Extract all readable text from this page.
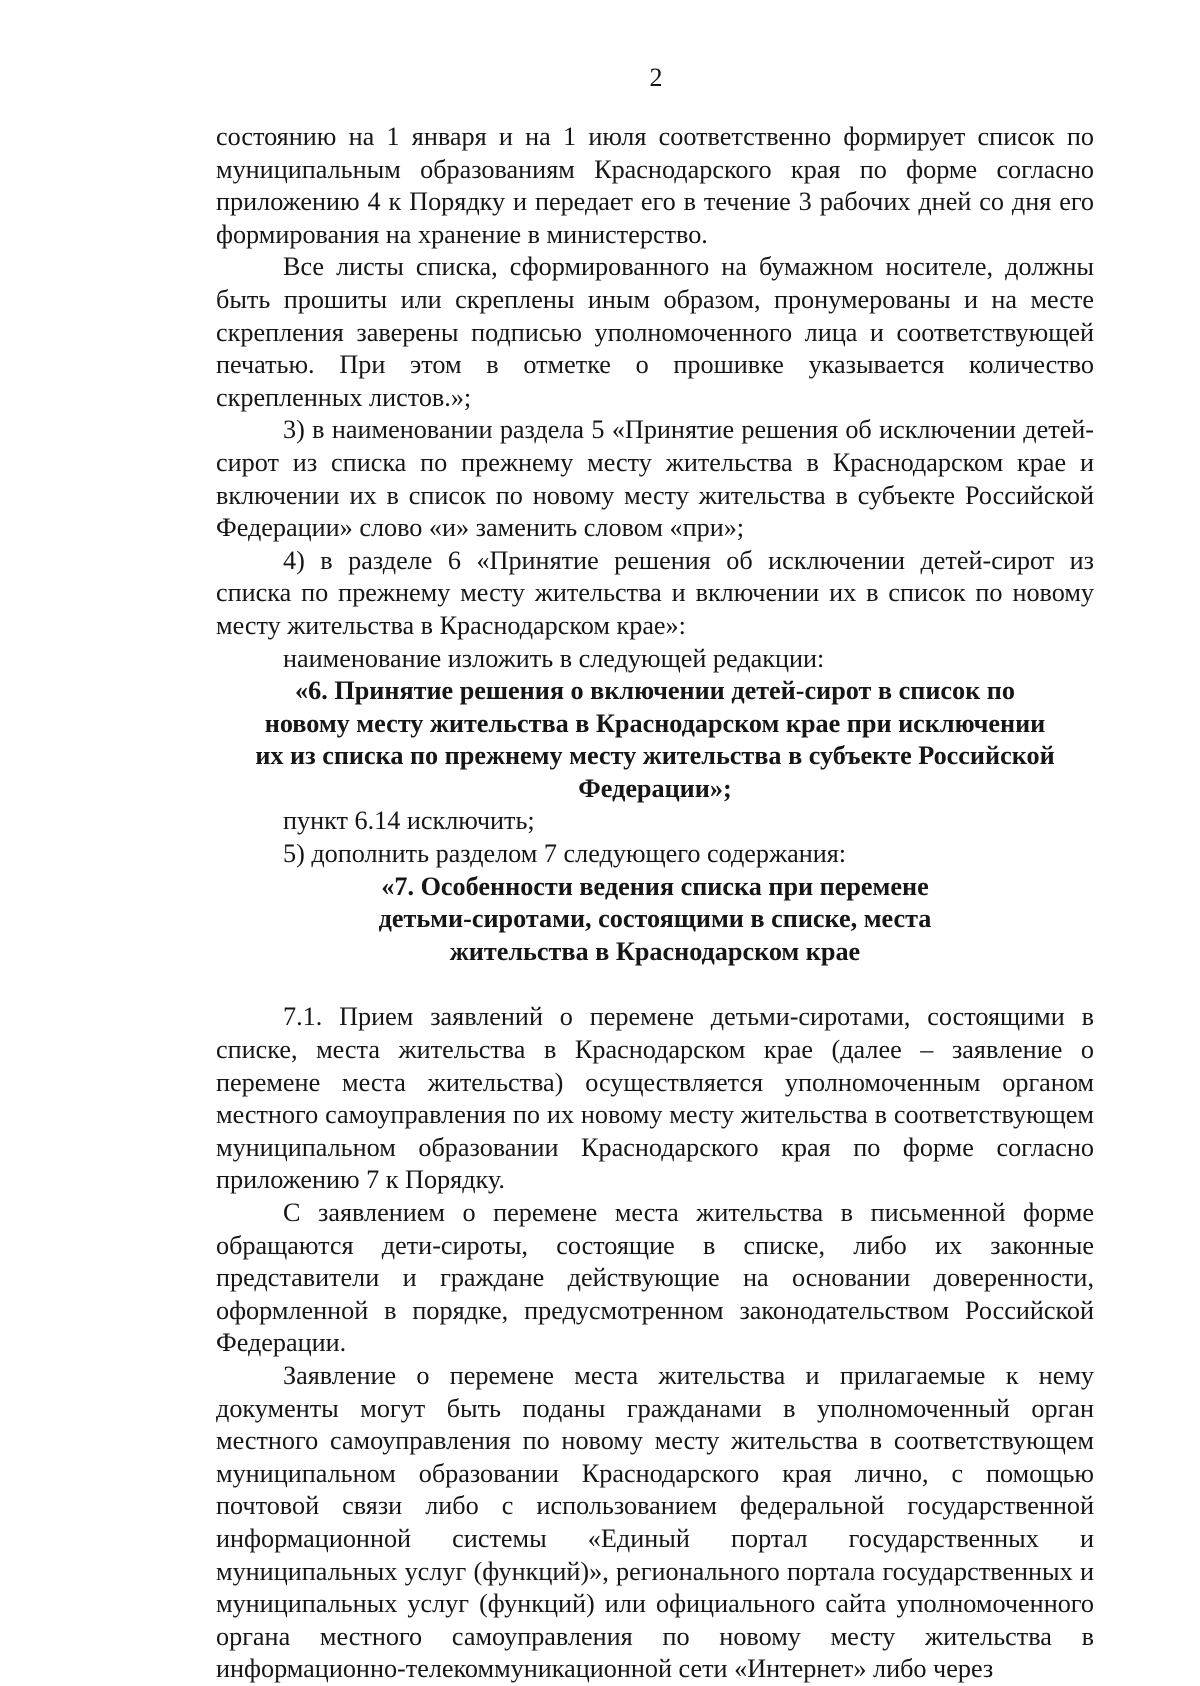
2

состоянию на 1 января и на 1 июля соответственно формирует список по муниципальным образованиям Краснодарского края по форме согласно приложению 4 к Порядку и передает его в течение 3 рабочих дней со дня его формирования на хранение в министерство.

Все листы списка, сформированного на бумажном носителе, должны быть прошиты или скреплены иным образом, пронумерованы и на месте скрепления заверены подписью уполномоченного лица и соответствующей печатью. При этом в отметке о прошивке указывается количество скрепленных листов.»;

3) в наименовании раздела 5 «Принятие решения об исключении детей-сирот из списка по прежнему месту жительства в Краснодарском крае и включении их в список по новому месту жительства в субъекте Российской Федерации» слово «и» заменить словом «при»;

4) в разделе 6 «Принятие решения об исключении детей-сирот из списка по прежнему месту жительства и включении их в список по новому месту жительства в Краснодарском крае»:

наименование изложить в следующей редакции:

«6. Принятие решения о включении детей-сирот в список по новому месту жительства в Краснодарском крае при исключении их из списка по прежнему месту жительства в субъекте Российской Федерации»;

пункт 6.14 исключить;

5) дополнить разделом 7 следующего содержания:

«7. Особенности ведения списка при перемене детьми-сиротами, состоящими в списке, места жительства в Краснодарском крае

7.1. Прием заявлений о перемене детьми-сиротами, состоящими в списке, места жительства в Краснодарском крае (далее – заявление о перемене места жительства) осуществляется уполномоченным органом местного самоуправления по их новому месту жительства в соответствующем муниципальном образовании Краснодарского края по форме согласно приложению 7 к Порядку.

С заявлением о перемене места жительства в письменной форме обращаются дети-сироты, состоящие в списке, либо их законные представители и граждане действующие на основании доверенности, оформленной в порядке, предусмотренном законодательством Российской Федерации.

Заявление о перемене места жительства и прилагаемые к нему документы могут быть поданы гражданами в уполномоченный орган местного самоуправления по новому месту жительства в соответствующем муниципальном образовании Краснодарского края лично, с помощью почтовой связи либо с использованием федеральной государственной информационной системы «Единый портал государственных и муниципальных услуг (функций)», регионального портала государственных и муниципальных услуг (функций) или официального сайта уполномоченного органа местного самоуправления по новому месту жительства в информационно-телекоммуникационной сети «Интернет» либо через
